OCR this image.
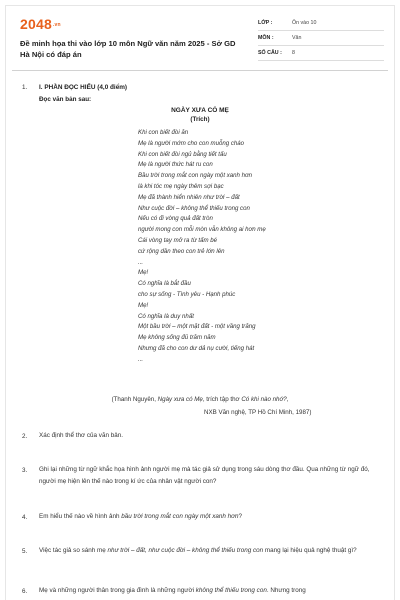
2048.vn
Đề minh họa thi vào lớp 10 môn Ngữ văn năm 2025 - Sở GD Hà Nội có đáp án
LỚP :	Ôn vào 10
MÔN :	Văn
SỐ CÂU :	8
1. I. PHẦN ĐỌC HIỂU (4,0 điểm)
Đọc văn bản sau:
NGÀY XƯA CÓ MẸ
(Trích)
Khi con biết đòi ăn
Mẹ là người mớm cho con muỗng cháo
Khi con biết đòi ngủ bằng tiết tấu
Mẹ là người thức hát ru con
Bầu trời trong mắt con ngày một xanh hơn
là khi tóc mẹ ngày thêm sợi bạc
Mẹ đã thành hiển nhiên như trời – đất
Như cuộc đời – không thể thiếu trong con
Nếu có đi vòng quả đất tròn
người mong con mỗi mòn vẫn không ai hơn mẹ
Cái vòng tay mở ra từ tấm bé
cứ rộng dần theo con trẻ lớn lên
...
Mẹ!
Có nghĩa là bắt đầu
cho sự sống - Tình yêu - Hạnh phúc
Mẹ!
Có nghĩa là duy nhất
Một bầu trời – một mặt đất - một vầng trăng
Mẹ không sống đủ trăm năm
Nhưng đã cho con dư dả nụ cười, tiếng hát
...
(Thanh Nguyên, Ngày xưa có Mẹ, trích tập thơ Có khi nào nhớ?,
NXB Văn nghệ, TP Hồ Chí Minh, 1987)
2. Xác định thể thơ của văn bản.
3. Ghi lại những từ ngữ khắc họa hình ảnh người mẹ mà tác giả sử dụng trong sáu dòng thơ đầu. Qua những từ ngữ đó, người mẹ hiện lên thế nào trong kí ức của nhân vật người con?
4. Em hiểu thế nào về hình ảnh bầu trời trong mắt con ngày một xanh hơn?
5. Việc tác giả so sánh mẹ như trời – đất, như cuộc đời – không thể thiếu trong con mang lại hiệu quả nghệ thuật gì?
6. Mẹ và những người thân trong gia đình là những người không thể thiếu trong con. Nhưng trong
